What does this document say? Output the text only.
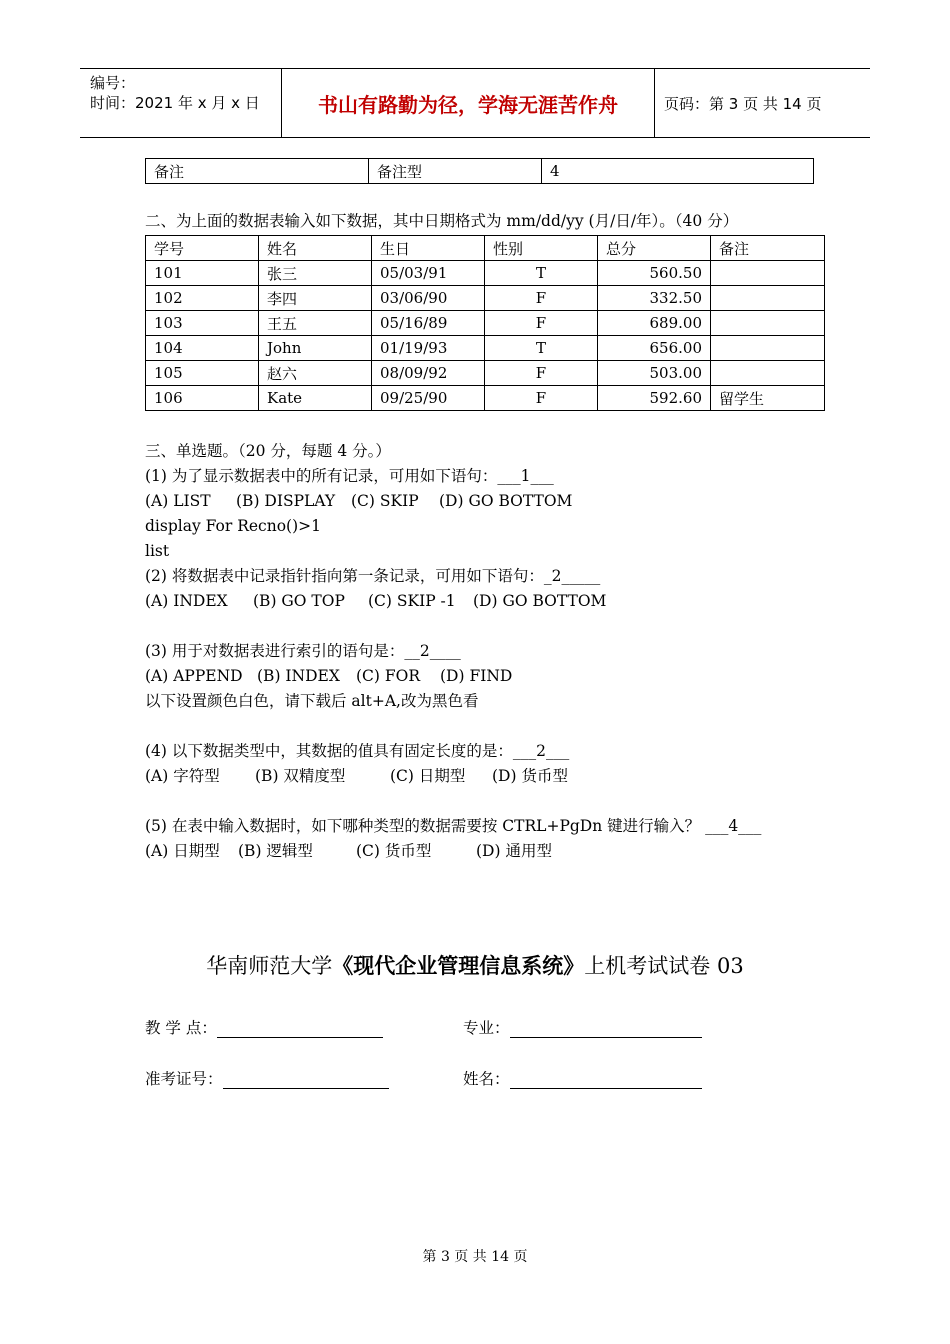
编号：
时间：2021 年 x 月 x 日	书山有路勤为径，学海无涯苦作舟	页码：第 3 页 共 14 页
备注	备注型	4
二、为上面的数据表输入如下数据，其中日期格式为 mm/dd/yy (月/日/年）。（40 分）
学号	姓名	生日	性别	总分	备注
101	张三	05/03/91	T	560.50	
102	李四	03/06/90	F	332.50	
103	王五	05/16/89	F	689.00	
104	John	01/19/93	T	656.00	
105	赵六	08/09/92	F	503.00	
106	Kate	09/25/90	F	592.60	留学生
三、单选题。（20 分，每题 4 分。）
(1) 为了显示数据表中的所有记录，可用如下语句：___1___
(A) LIST (B) DISPLAY (C) SKIP (D) GO BOTTOM
display For Recno()>1
list
(2) 将数据表中记录指针指向第一条记录，可用如下语句：_2_____
(A) INDEX (B) GO TOP (C) SKIP -1 (D) GO BOTTOM
(3) 用于对数据表进行索引的语句是：__2____
(A) APPEND (B) INDEX (C) FOR (D) FIND
以下设置颜色白色，请下载后 alt+A,改为黑色看
(4) 以下数据类型中，其数据的值具有固定长度的是：___2___
(A) 字符型 (B) 双精度型	(C) 日期型 (D) 货币型
(5) 在表中输入数据时，如下哪种类型的数据需要按 CTRL+PgDn 键进行输入？ ___4___
(A) 日期型 (B) 逻辑型	(C) 货币型	(D) 通用型
华南师范大学《现代企业管理信息系统》上机考试试卷 03
教 学 点：	专业：
准考证号：	姓名：
第 3 页 共 14 页
